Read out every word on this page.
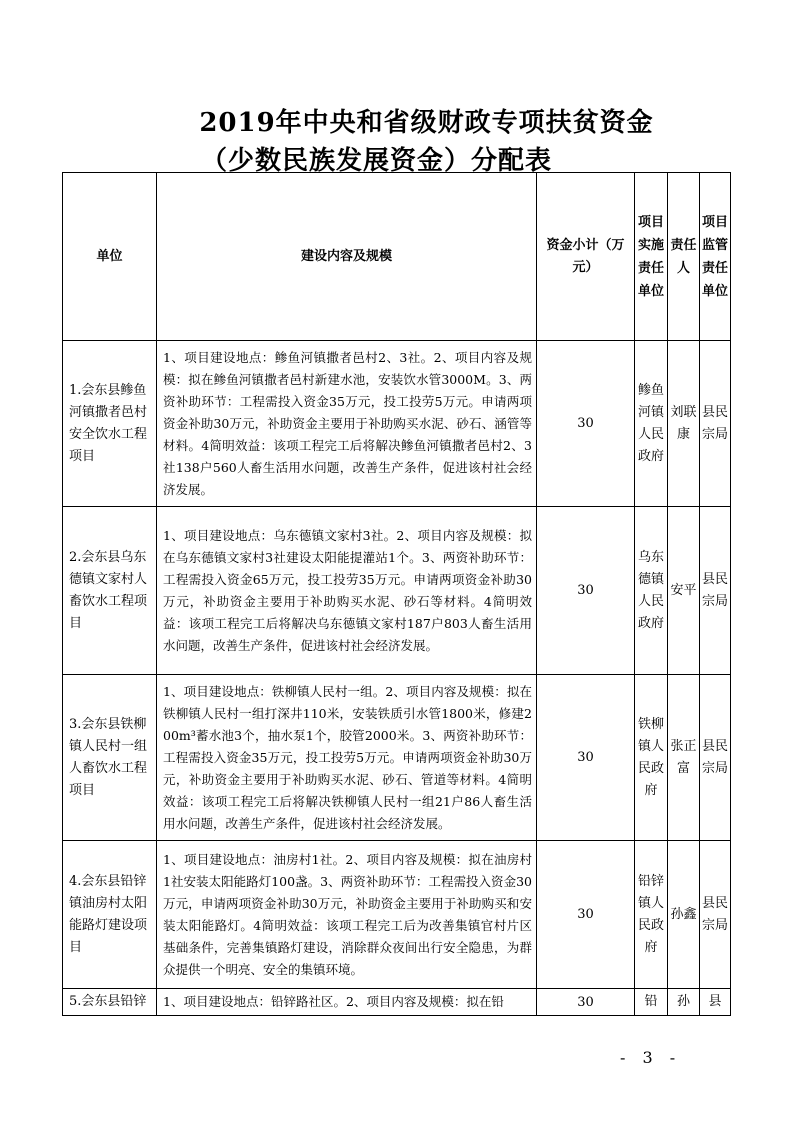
2019年中央和省级财政专项扶贫资金
（少数民族发展资金）分配表
单位	建设内容及规模	资金小计（万元）	项目实施责任单位	责任人	项目监管责任单位
1.会东县鲹鱼河镇撒者邑村安全饮水工程项目	1、项目建设地点：鲹鱼河镇撒者邑村2、3社。2、项目内容及规模：拟在鲹鱼河镇撒者邑村新建水池，安装饮水管3000M。3、两资补助环节：工程需投入资金35万元，投工投劳5万元。申请两项资金补助30万元，补助资金主要用于补助购买水泥、砂石、涵管等材料。4简明效益：该项工程完工后将解决鲹鱼河镇撒者邑村2、3社138户560人畜生活用水问题，改善生产条件，促进该村社会经济发展。	30	鲹鱼河镇人民政府	刘联康	县民宗局
2.会东县乌东德镇文家村人畜饮水工程项目	1、项目建设地点：乌东德镇文家村3社。2、项目内容及规模：拟在乌东德镇文家村3社建设太阳能提灌站1个。3、两资补助环节：工程需投入资金65万元，投工投劳35万元。申请两项资金补助30万元，补助资金主要用于补助购买水泥、砂石等材料。4简明效益：该项工程完工后将解决乌东德镇文家村187户803人畜生活用水问题，改善生产条件，促进该村社会经济发展。	30	乌东德镇人民政府	安平	县民宗局
3.会东县铁柳镇人民村一组人畜饮水工程项目	1、项目建设地点：铁柳镇人民村一组。2、项目内容及规模：拟在铁柳镇人民村一组打深井110米，安装铁质引水管1800米，修建200m³蓄水池3个，抽水泵1个，胶管2000米。3、两资补助环节：工程需投入资金35万元，投工投劳5万元。申请两项资金补助30万元，补助资金主要用于补助购买水泥、砂石、管道等材料。4简明效益：该项工程完工后将解决铁柳镇人民村一组21户86人畜生活用水问题，改善生产条件，促进该村社会经济发展。	30	铁柳镇人民政府	张正富	县民宗局
4.会东县铅锌镇油房村太阳能路灯建设项目	1、项目建设地点：油房村1社。2、项目内容及规模：拟在油房村1社安装太阳能路灯100盏。3、两资补助环节：工程需投入资金30万元，申请两项资金补助30万元，补助资金主要用于补助购买和安装太阳能路灯。4简明效益：该项工程完工后为改善集镇官村片区基础条件，完善集镇路灯建设，消除群众夜间出行安全隐患，为群众提供一个明亮、安全的集镇环境。	30	铅锌镇人民政府	孙鑫	县民宗局
5.会东县铅锌	1、项目建设地点：铅锌路社区。2、项目内容及规模：拟在铅	30	铅	孙	县
- 3 -
